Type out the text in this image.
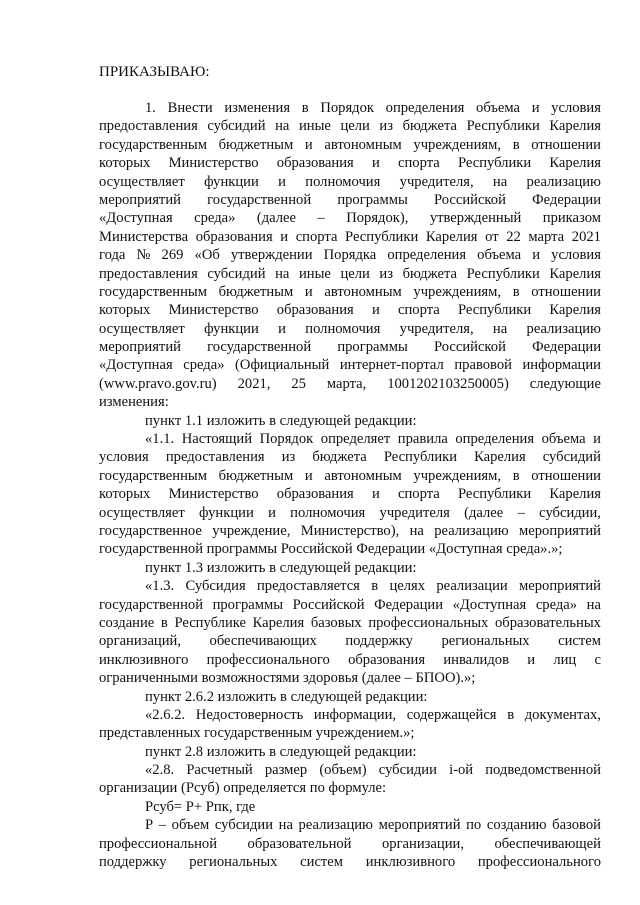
ПРИКАЗЫВАЮ:
1. Внести изменения в Порядок определения объема и условия
предоставления субсидий на иные цели из бюджета Республики Карелия
государственным бюджетным и автономным учреждениям, в отношении
которых Министерство образования и спорта Республики Карелия
осуществляет функции и полномочия учредителя, на реализацию
мероприятий государственной программы Российской Федерации
«Доступная среда» (далее – Порядок), утвержденный приказом
Министерства образования и спорта Республики Карелия от 22 марта 2021
года № 269 «Об утверждении Порядка определения объема и условия
предоставления субсидий на иные цели из бюджета Республики Карелия
государственным бюджетным и автономным учреждениям, в отношении
которых Министерство образования и спорта Республики Карелия
осуществляет функции и полномочия учредителя, на реализацию
мероприятий государственной программы Российской Федерации
«Доступная среда» (Официальный интернет-портал правовой информации
(www.pravo.gov.ru) 2021, 25 марта, 1001202103250005) следующие
изменения:
пункт 1.1 изложить в следующей редакции:
«1.1. Настоящий Порядок определяет правила определения объема и
условия предоставления из бюджета Республики Карелия субсидий
государственным бюджетным и автономным учреждениям, в отношении
которых Министерство образования и спорта Республики Карелия
осуществляет функции и полномочия учредителя (далее – субсидии,
государственное учреждение, Министерство), на реализацию мероприятий
государственной программы Российской Федерации «Доступная среда».»;
пункт 1.3 изложить в следующей редакции:
«1.3. Субсидия предоставляется в целях реализации мероприятий
государственной программы Российской Федерации «Доступная среда» на
создание в Республике Карелия базовых профессиональных образовательных
организаций, обеспечивающих поддержку региональных систем
инклюзивного профессионального образования инвалидов и лиц с
ограниченными возможностями здоровья (далее – БПОО).»;
пункт 2.6.2 изложить в следующей редакции:
«2.6.2. Недостоверность информации, содержащейся в документах,
представленных государственным учреждением.»;
пункт 2.8 изложить в следующей редакции:
«2.8. Расчетный размер (объем) субсидии i-ой подведомственной
организации (Pсуб) определяется по формуле:
Pсуб= P+ Pпк, где
P – объем субсидии на реализацию мероприятий по созданию базовой
профессиональной образовательной организации, обеспечивающей
поддержку региональных систем инклюзивного профессионального
